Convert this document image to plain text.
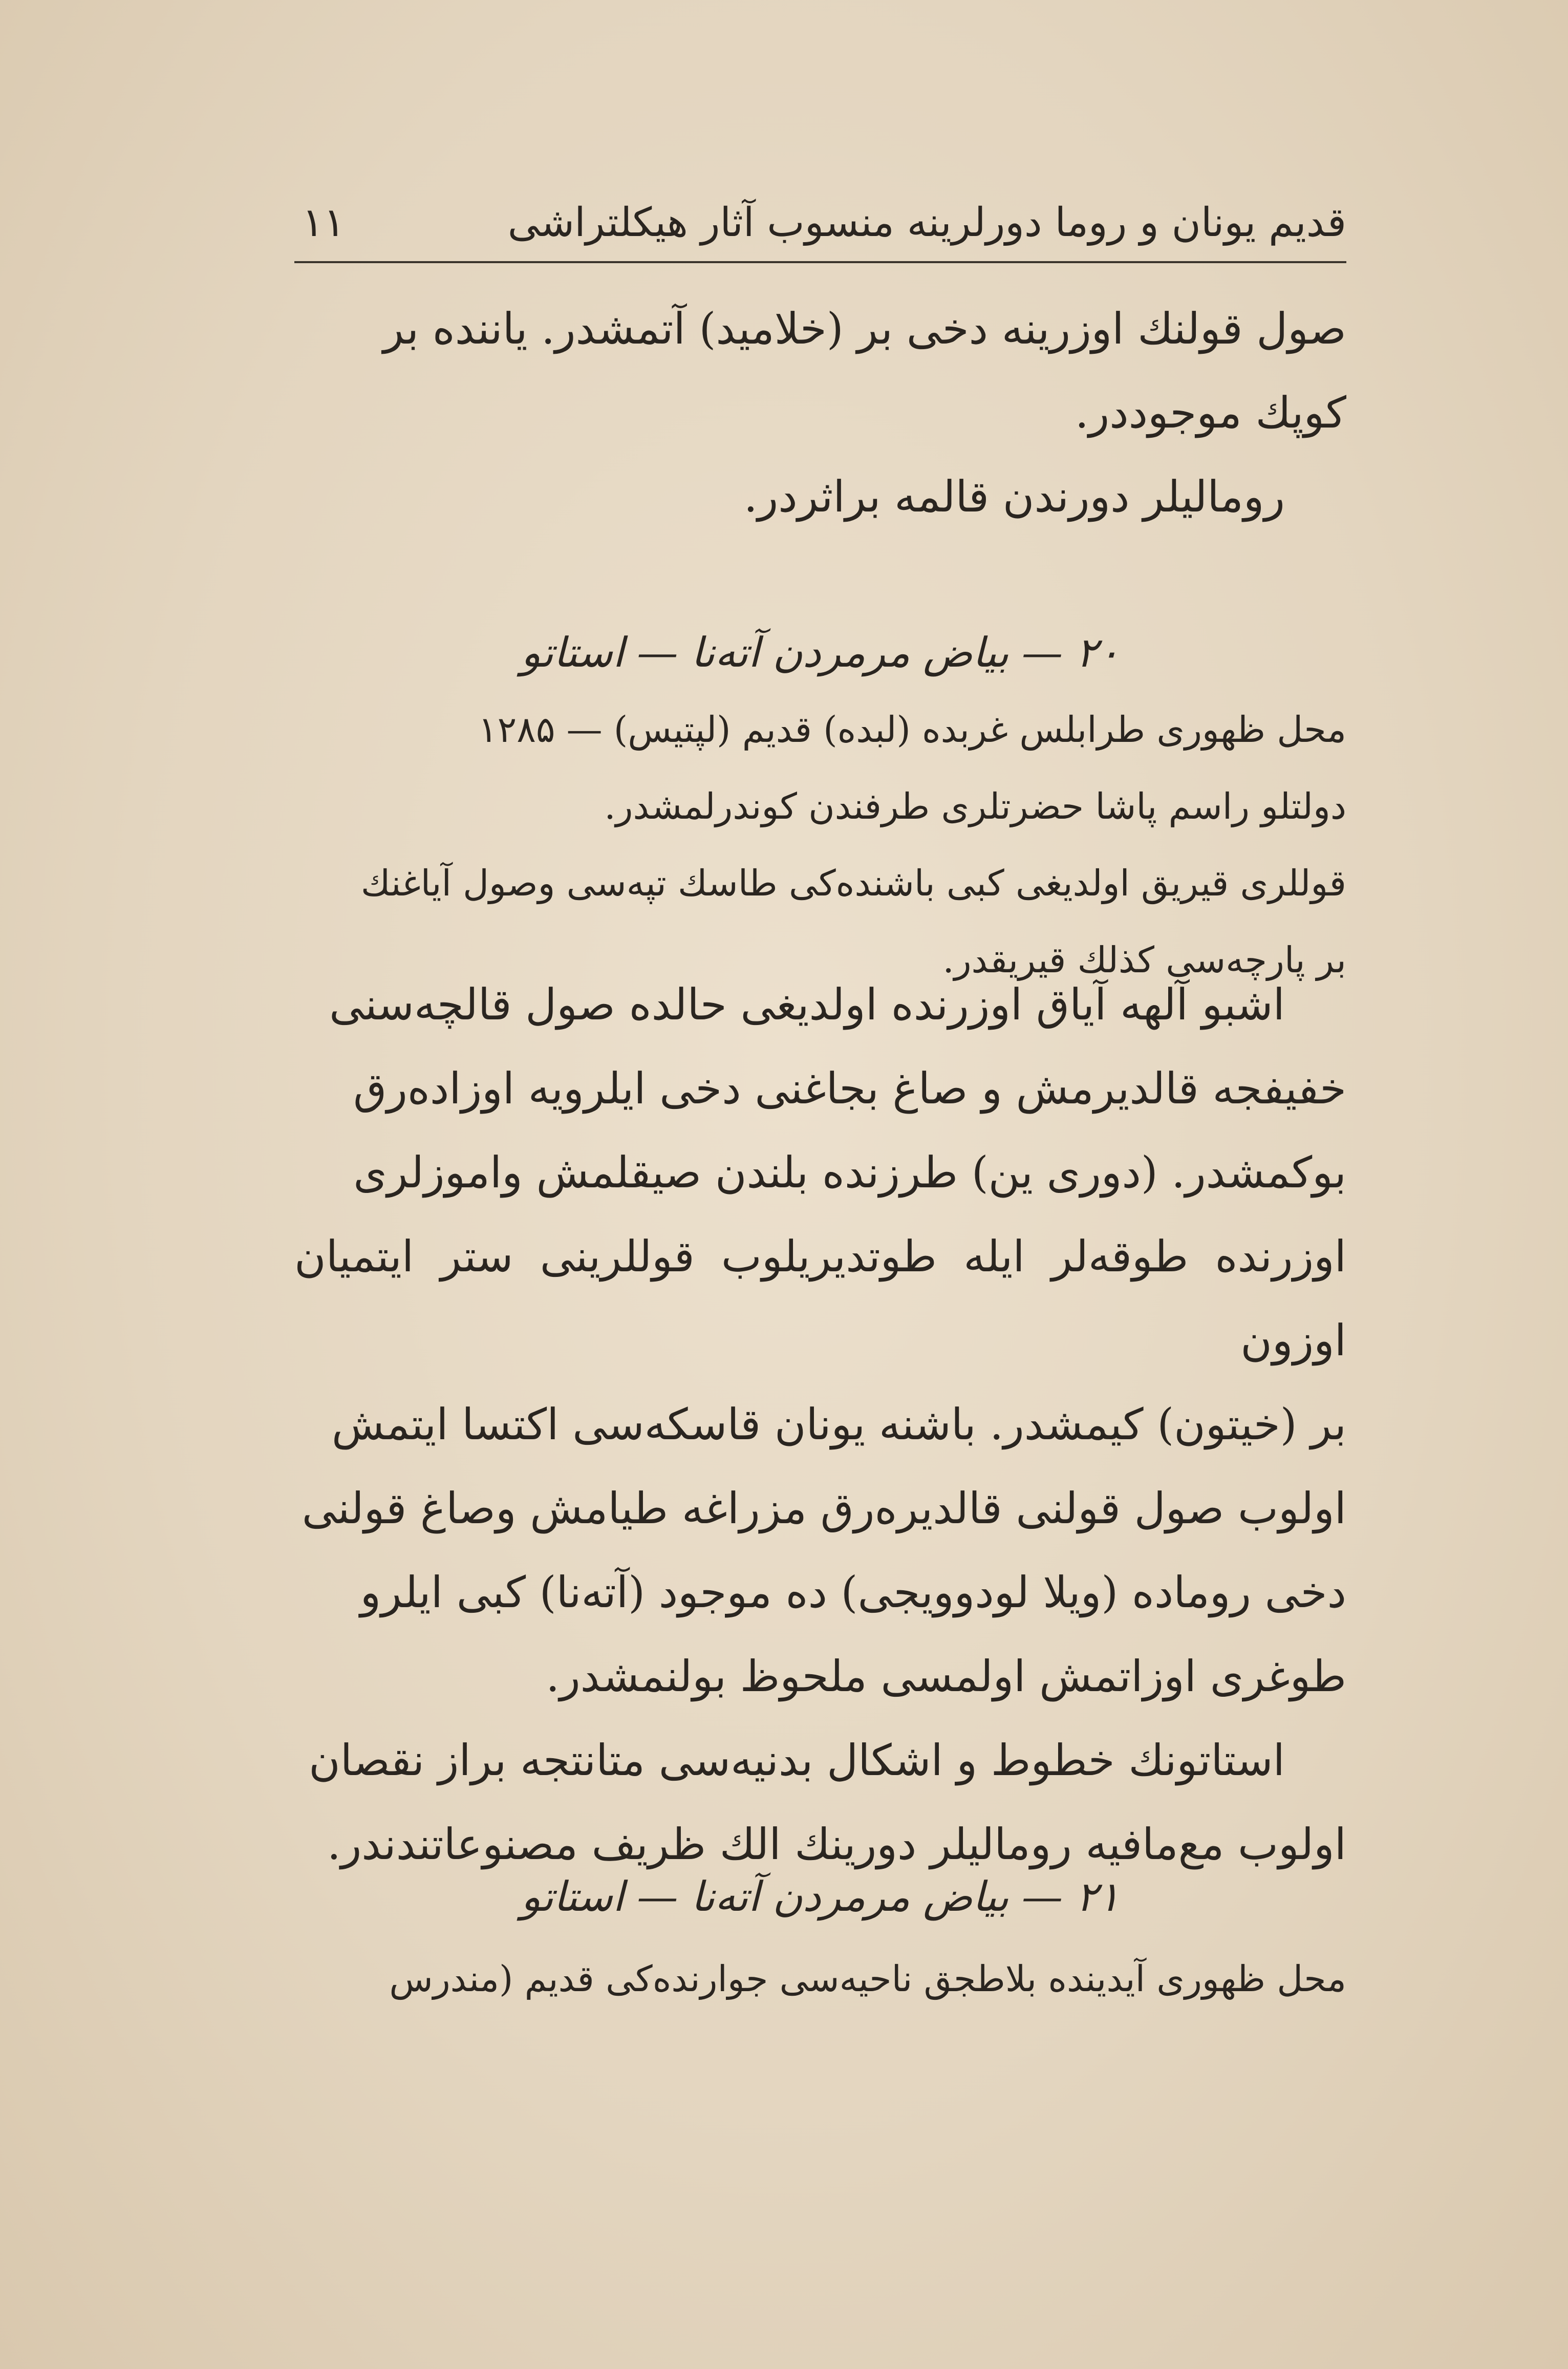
قدیم یونان و روما دورلرینه منسوب آثار هیكلتراشی
۱۱

صول قولنك اوزرینه دخی بر (خلامید) آتمشدر. یاننده بر

كوپك موجوددر.

روماليلر دورندن قالمه براثردر.

۲۰ — بیاض مرمردن آته‌نا — استاتو

محل ظهوری طرابلس غربده (لبده) قدیم (لپتیس) — ۱۲۸۵

دولتلو راسم پاشا حضرتلری طرفندن كوندرلمشدر.

قوللری قیریق اولدیغی كبی باشنده‌كی طاسك تپه‌سی وصول آیاغنك

بر پارچه‌سی كذلك قیریقدر.

اشبو آلهه آیاق اوزرنده اولدیغی حالده صول قالچه‌سنی

خفیفجه قالدیرمش و صاغ بجاغنی دخی ایلرویه اوزاده‌رق

بوكمشدر. (دوری ین) طرزنده بلندن صیقلمش واموزلری

اوزرنده طوقه‌لر ایله طوتدیریلوب قوللرینی ستر ایتمیان اوزون

بر (خیتون) كیمشدر. باشنه یونان قاسكه‌سی اكتسا ایتمش

اولوب صول قولنی قالدیره‌رق مزراغه طیامش وصاغ قولنی

دخی رومادە (ویلا لودوویجی) ده موجود (آته‌نا) كبی ایلرو

طوغری اوزاتمش اولمسی ملحوظ بولنمشدر.

استاتونك خطوط و اشكال بدنیه‌سی متانتجه براز نقصان

اولوب مع‌مافیه روماليلر دورینك الك ظریف مصنوعاتندندر.

۲۱ — بیاض مرمردن آته‌نا — استاتو

محل ظهوری آیدینده بلاطجق ناحیه‌سی جوارنده‌كی قدیم (مندرس
